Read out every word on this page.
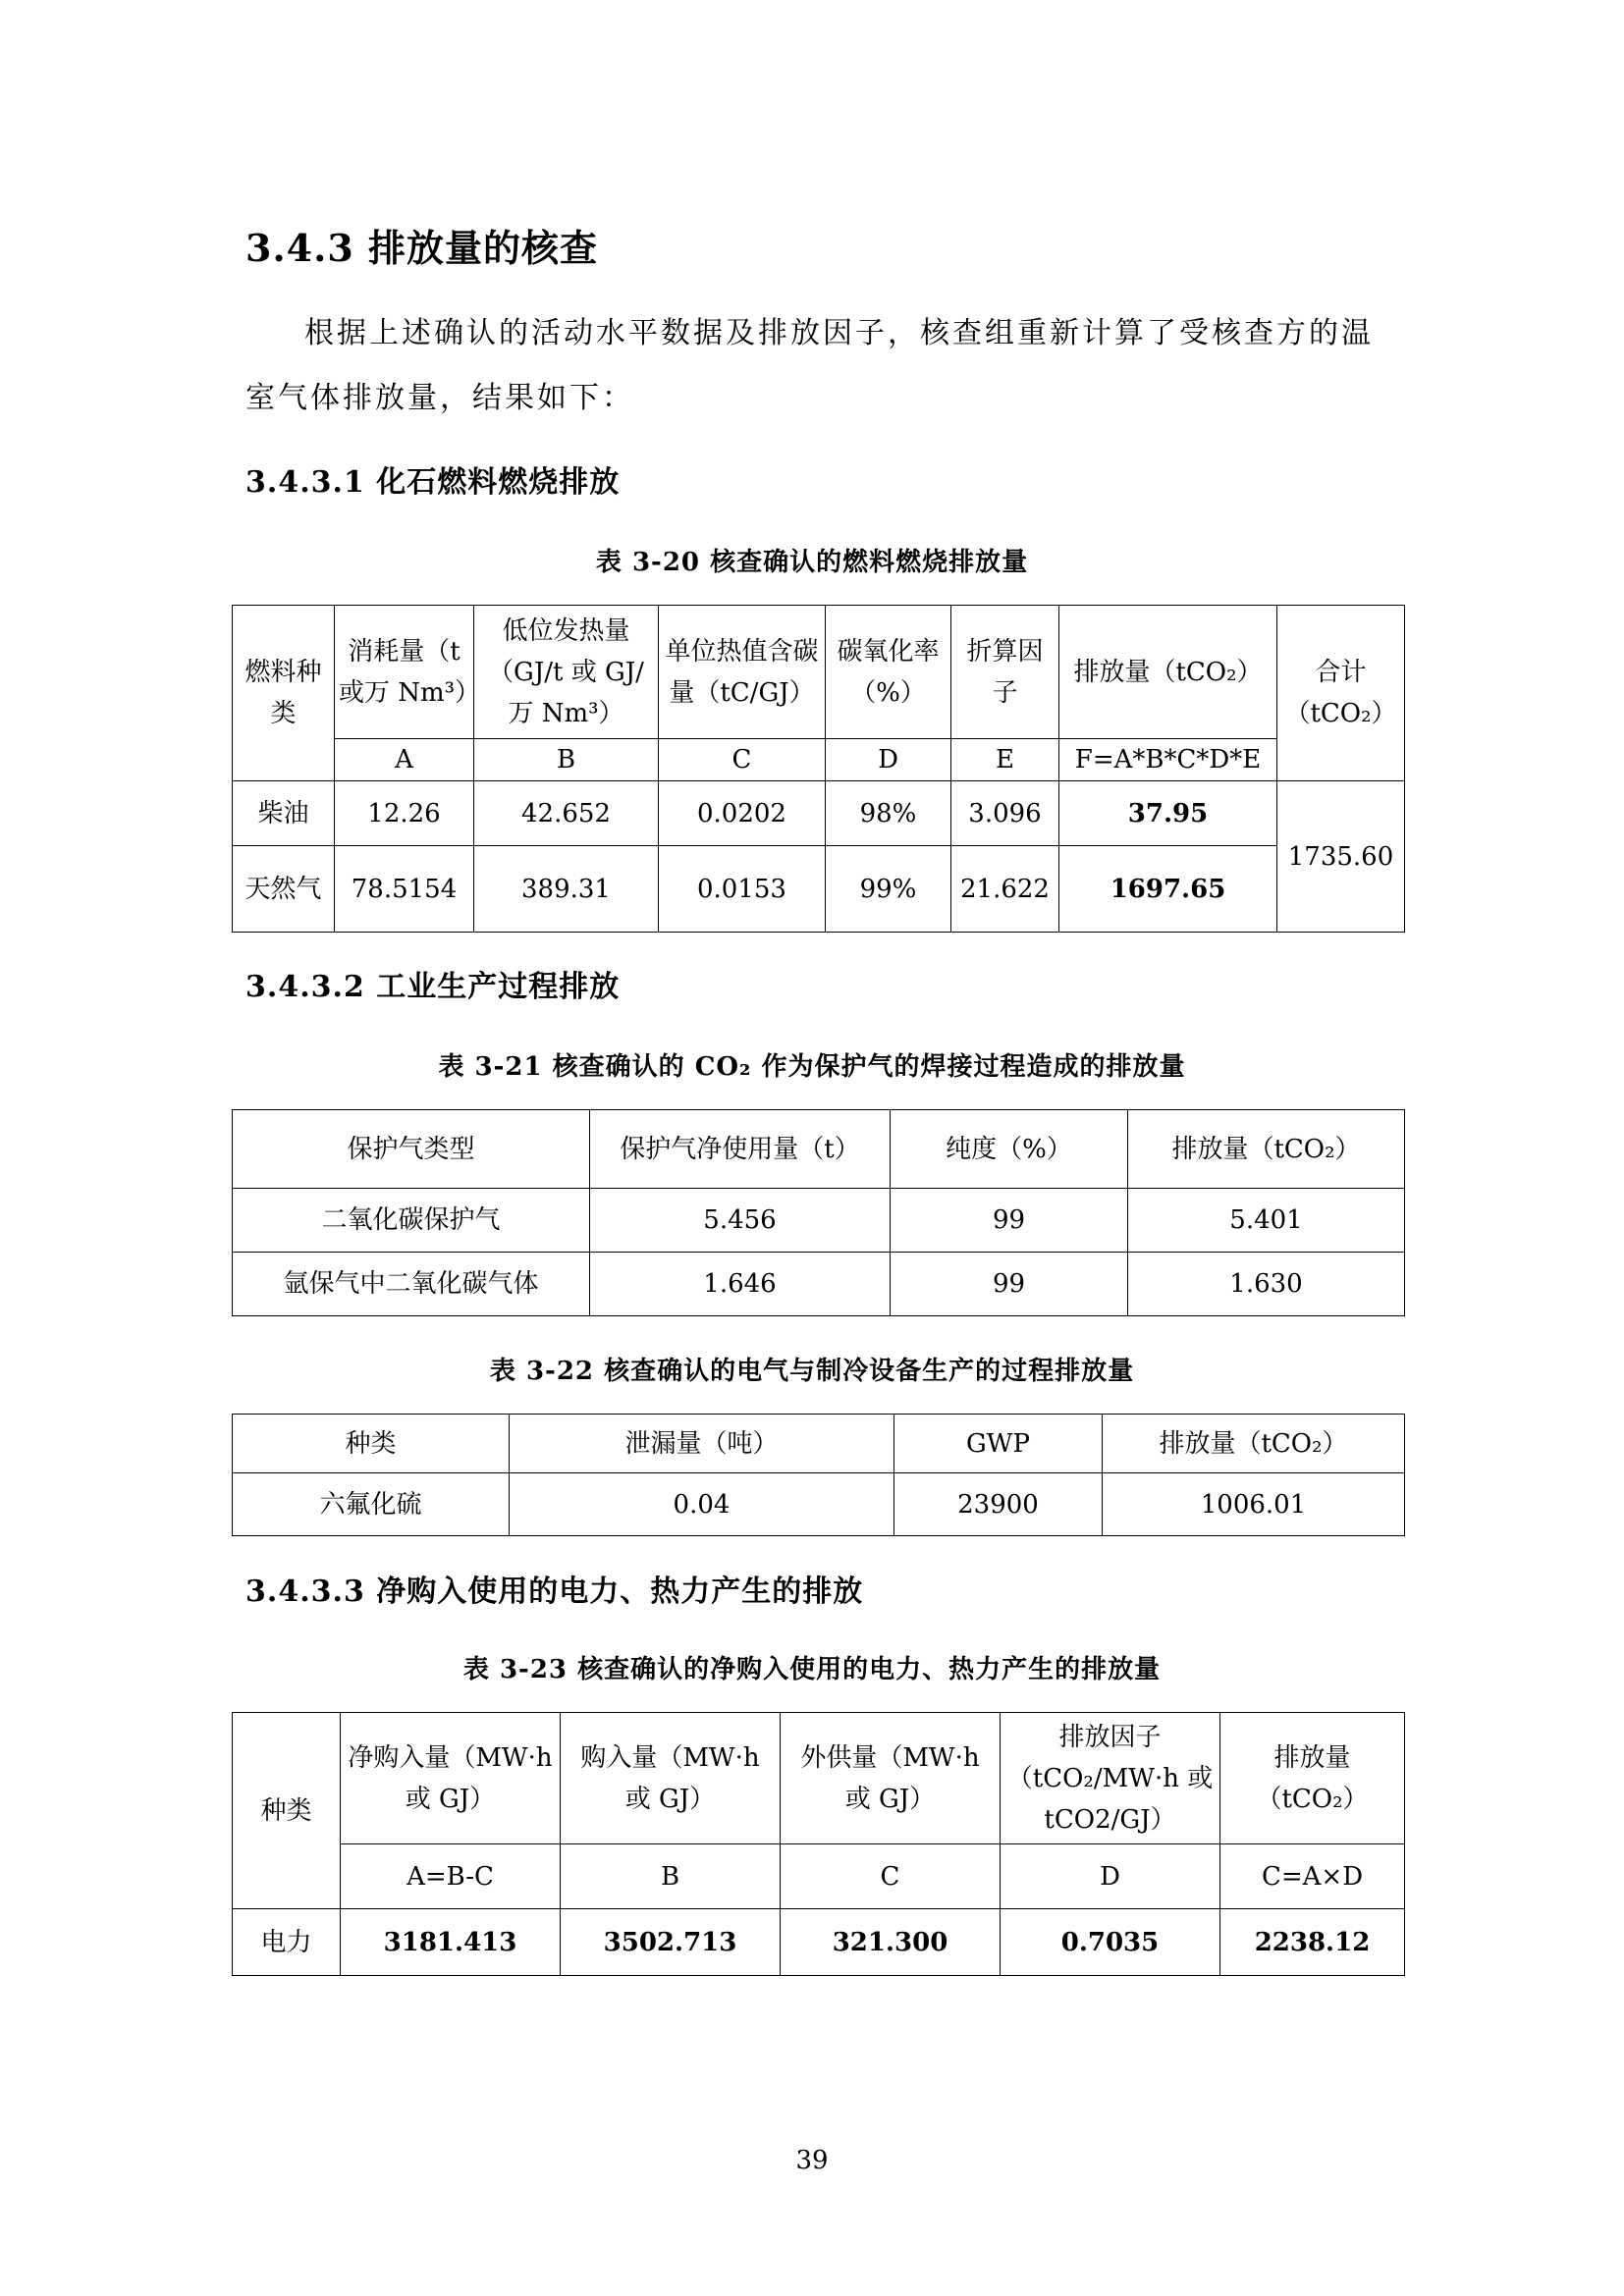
3.4.3 排放量的核查
根据上述确认的活动水平数据及排放因子，核查组重新计算了受核查方的温
室气体排放量，结果如下：
3.4.3.1 化石燃料燃烧排放
表 3-20 核查确认的燃料燃烧排放量
燃料种类	消耗量（t 或万 Nm³）	低位发热量（GJ/t 或 GJ/万 Nm³）	单位热值含碳量（tC/GJ）	碳氧化率（%）	折算因子	排放量（tCO₂）	合计（tCO₂）
	A	B	C	D	E	F=A*B*C*D*E	
柴油	12.26	42.652	0.0202	98%	3.096	37.95	1735.60
天然气	78.5154	389.31	0.0153	99%	21.622	1697.65	
3.4.3.2 工业生产过程排放
表 3-21 核查确认的 CO₂ 作为保护气的焊接过程造成的排放量
保护气类型	保护气净使用量（t）	纯度（%）	排放量（tCO₂）
二氧化碳保护气	5.456	99	5.401
氩保气中二氧化碳气体	1.646	99	1.630
表 3-22 核查确认的电气与制冷设备生产的过程排放量
种类	泄漏量（吨）	GWP	排放量（tCO₂）
六氟化硫	0.04	23900	1006.01
3.4.3.3 净购入使用的电力、热力产生的排放
表 3-23 核查确认的净购入使用的电力、热力产生的排放量
种类	净购入量（MW·h 或 GJ）	购入量（MW·h 或 GJ）	外供量（MW·h 或 GJ）	排放因子（tCO₂/MW·h 或 tCO2/GJ）	排放量（tCO₂）
	A=B-C	B	C	D	C=A×D
电力	3181.413	3502.713	321.300	0.7035	2238.12
39
